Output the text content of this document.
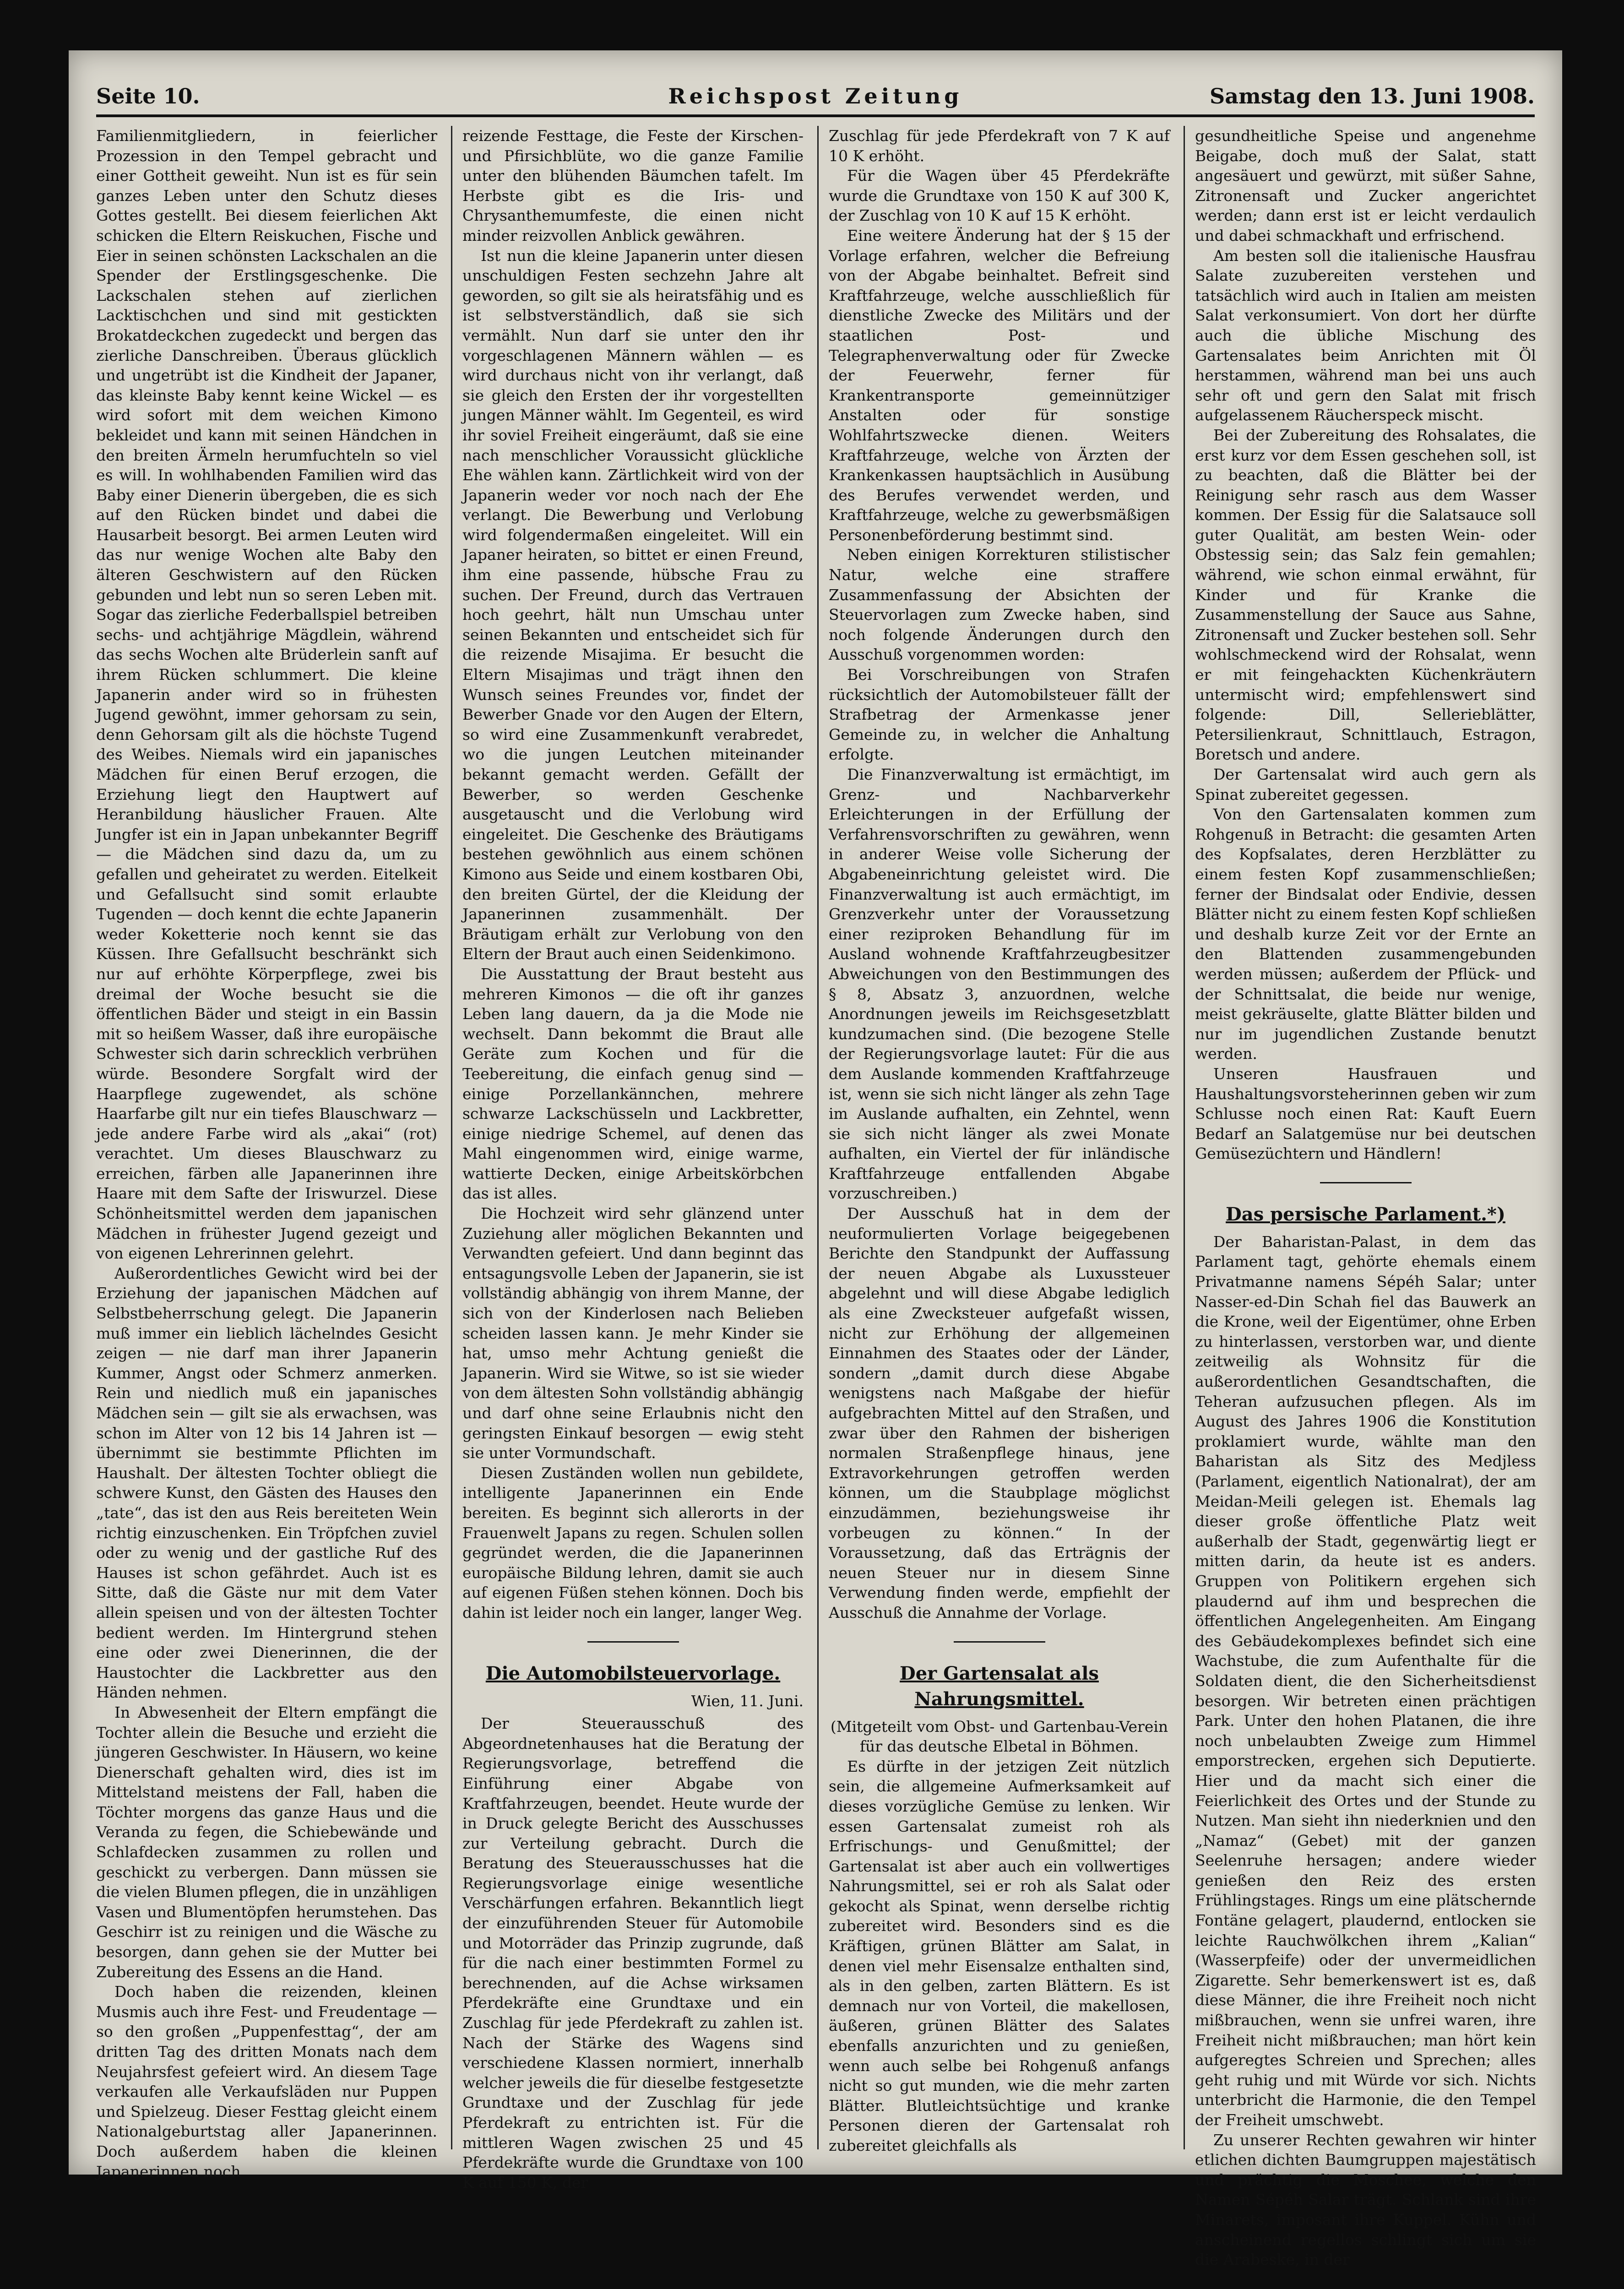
Seite 10.	Reichspost Zeitung	Samstag den 13. Juni 1908.

Familienmitgliedern, in feierlicher Prozession in den Tempel gebracht und einer Gottheit geweiht. Nun ist es für sein ganzes Leben unter den Schutz dieses Gottes gestellt. Bei diesem feierlichen Akt schicken die Eltern Reiskuchen, Fische und Eier in seinen schönsten Lackschalen an die Spender der Erstlingsgeschenke. Die Lackschalen stehen auf zierlichen Lacktischchen und sind mit gestickten Brokatdeckchen zugedeckt und bergen das zierliche Danschreiben. Überaus glücklich und ungetrübt ist die Kindheit der Japaner, das kleinste Baby kennt keine Wickel — es wird sofort mit dem weichen Kimono bekleidet und kann mit seinen Händchen in den breiten Ärmeln herumfuchteln so viel es will. In wohlhabenden Familien wird das Baby einer Dienerin übergeben, die es sich auf den Rücken bindet und dabei die Hausarbeit besorgt. Bei armen Leuten wird das nur wenige Wochen alte Baby den älteren Geschwistern auf den Rücken gebunden und lebt nun so seren Leben mit. Sogar das zierliche Federballspiel betreiben sechs- und achtjährige Mägdlein, während das sechs Wochen alte Brüderlein sanft auf ihrem Rücken schlummert. Die kleine Japanerin ander wird so in frühesten Jugend gewöhnt, immer gehorsam zu sein, denn Gehorsam gilt als die höchste Tugend des Weibes. Niemals wird ein japanisches Mädchen für einen Beruf erzogen, die Erziehung liegt den Hauptwert auf Heranbildung häuslicher Frauen. Alte Jungfer ist ein in Japan unbekannter Begriff — die Mädchen sind dazu da, um zu gefallen und geheiratet zu werden. Eitelkeit und Gefallsucht sind somit erlaubte Tugenden — doch kennt die echte Japanerin weder Koketterie noch kennt sie das Küssen. Ihre Gefallsucht beschränkt sich nur auf erhöhte Körperpflege, zwei bis dreimal der Woche besucht sie die öffentlichen Bäder und steigt in ein Bassin mit so heißem Wasser, daß ihre europäische Schwester sich darin schrecklich verbrühen würde. Besondere Sorgfalt wird der Haarpflege zugewendet, als schöne Haarfarbe gilt nur ein tiefes Blauschwarz — jede andere Farbe wird als „akai“ (rot) verachtet. Um dieses Blauschwarz zu erreichen, färben alle Japanerinnen ihre Haare mit dem Safte der Iriswurzel. Diese Schönheitsmittel werden dem japanischen Mädchen in frühester Jugend gezeigt und von eigenen Lehrerinnen gelehrt.

Außerordentliches Gewicht wird bei der Erziehung der japanischen Mädchen auf Selbstbeherrschung gelegt. Die Japanerin muß immer ein lieblich lächelndes Gesicht zeigen — nie darf man ihrer Japanerin Kummer, Angst oder Schmerz anmerken. Rein und niedlich muß ein japanisches Mädchen sein — gilt sie als erwachsen, was schon im Alter von 12 bis 14 Jahren ist — übernimmt sie bestimmte Pflichten im Haushalt. Der ältesten Tochter obliegt die schwere Kunst, den Gästen des Hauses den „tate“, das ist den aus Reis bereiteten Wein richtig einzuschenken. Ein Tröpfchen zuviel oder zu wenig und der gastliche Ruf des Hauses ist schon gefährdet. Auch ist es Sitte, daß die Gäste nur mit dem Vater allein speisen und von der ältesten Tochter bedient werden. Im Hintergrund stehen eine oder zwei Dienerinnen, die der Haustochter die Lackbretter aus den Händen nehmen.

In Abwesenheit der Eltern empfängt die Tochter allein die Besuche und erzieht die jüngeren Geschwister. In Häusern, wo keine Dienerschaft gehalten wird, dies ist im Mittelstand meistens der Fall, haben die Töchter morgens das ganze Haus und die Veranda zu fegen, die Schiebewände und Schlafdecken zusammen zu rollen und geschickt zu verbergen. Dann müssen sie die vielen Blumen pflegen, die in unzähligen Vasen und Blumentöpfen herumstehen. Das Geschirr ist zu reinigen und die Wäsche zu besorgen, dann gehen sie der Mutter bei Zubereitung des Essens an die Hand.

Doch haben die reizenden, kleinen Musmis auch ihre Fest- und Freudentage — so den großen „Puppenfesttag“, der am dritten Tag des dritten Monats nach dem Neujahrsfest gefeiert wird. An diesem Tage verkaufen alle Verkaufsläden nur Puppen und Spielzeug. Dieser Festtag gleicht einem Nationalgeburtstag aller Japanerinnen. Doch außerdem haben die kleinen Japanerinnen noch

reizende Festtage, die Feste der Kirschen- und Pfirsichblüte, wo die ganze Familie unter den blühenden Bäumchen tafelt. Im Herbste gibt es die Iris- und Chrysanthemumfeste, die einen nicht minder reizvollen Anblick gewähren.

Ist nun die kleine Japanerin unter diesen unschuldigen Festen sechzehn Jahre alt geworden, so gilt sie als heiratsfähig und es ist selbstverständlich, daß sie sich vermählt. Nun darf sie unter den ihr vorgeschlagenen Männern wählen — es wird durchaus nicht von ihr verlangt, daß sie gleich den Ersten der ihr vorgestellten jungen Männer wählt. Im Gegenteil, es wird ihr soviel Freiheit eingeräumt, daß sie eine nach menschlicher Voraussicht glückliche Ehe wählen kann. Zärtlichkeit wird von der Japanerin weder vor noch nach der Ehe verlangt. Die Bewerbung und Verlobung wird folgendermaßen eingeleitet. Will ein Japaner heiraten, so bittet er einen Freund, ihm eine passende, hübsche Frau zu suchen. Der Freund, durch das Vertrauen hoch geehrt, hält nun Umschau unter seinen Bekannten und entscheidet sich für die reizende Misajima. Er besucht die Eltern Misajimas und trägt ihnen den Wunsch seines Freundes vor, findet der Bewerber Gnade vor den Augen der Eltern, so wird eine Zusammenkunft verabredet, wo die jungen Leutchen miteinander bekannt gemacht werden. Gefällt der Bewerber, so werden Geschenke ausgetauscht und die Verlobung wird eingeleitet. Die Geschenke des Bräutigams bestehen gewöhnlich aus einem schönen Kimono aus Seide und einem kostbaren Obi, den breiten Gürtel, der die Kleidung der Japanerinnen zusammenhält. Der Bräutigam erhält zur Verlobung von den Eltern der Braut auch einen Seidenkimono.

Die Ausstattung der Braut besteht aus mehreren Kimonos — die oft ihr ganzes Leben lang dauern, da ja die Mode nie wechselt. Dann bekommt die Braut alle Geräte zum Kochen und für die Teebereitung, die einfach genug sind — einige Porzellankännchen, mehrere schwarze Lackschüsseln und Lackbretter, einige niedrige Schemel, auf denen das Mahl eingenommen wird, einige warme, wattierte Decken, einige Arbeitskörbchen das ist alles.

Die Hochzeit wird sehr glänzend unter Zuziehung aller möglichen Bekannten und Verwandten gefeiert. Und dann beginnt das entsagungsvolle Leben der Japanerin, sie ist vollständig abhängig von ihrem Manne, der sich von der Kinderlosen nach Belieben scheiden lassen kann. Je mehr Kinder sie hat, umso mehr Achtung genießt die Japanerin. Wird sie Witwe, so ist sie wieder von dem ältesten Sohn vollständig abhängig und darf ohne seine Erlaubnis nicht den geringsten Einkauf besorgen — ewig steht sie unter Vormundschaft.

Diesen Zuständen wollen nun gebildete, intelligente Japanerinnen ein Ende bereiten. Es beginnt sich allerorts in der Frauenwelt Japans zu regen. Schulen sollen gegründet werden, die die Japanerinnen europäische Bildung lehren, damit sie auch auf eigenen Füßen stehen können. Doch bis dahin ist leider noch ein langer, langer Weg.

Die Automobilsteuervorlage.
Wien, 11. Juni.

Der Steuerausschuß des Abgeordnetenhauses hat die Beratung der Regierungsvorlage, betreffend die Einführung einer Abgabe von Kraftfahrzeugen, beendet. Heute wurde der in Druck gelegte Bericht des Ausschusses zur Verteilung gebracht. Durch die Beratung des Steuerausschusses hat die Regierungsvorlage einige wesentliche Verschärfungen erfahren. Bekanntlich liegt der einzuführenden Steuer für Automobile und Motorräder das Prinzip zugrunde, daß für die nach einer bestimmten Formel zu berechnenden, auf die Achse wirksamen Pferdekräfte eine Grundtaxe und ein Zuschlag für jede Pferdekraft zu zahlen ist. Nach der Stärke des Wagens sind verschiedene Klassen normiert, innerhalb welcher jeweils die für dieselbe festgesetzte Grundtaxe und der Zuschlag für jede Pferdekraft zu entrichten ist. Für die mittleren Wagen zwischen 25 und 45 Pferdekräfte wurde die Grundtaxe von 100 K auf 150 K, der

Zuschlag für jede Pferdekraft von 7 K auf 10 K erhöht.

Für die Wagen über 45 Pferdekräfte wurde die Grundtaxe von 150 K auf 300 K, der Zuschlag von 10 K auf 15 K erhöht.

Eine weitere Änderung hat der § 15 der Vorlage erfahren, welcher die Befreiung von der Abgabe beinhaltet. Befreit sind Kraftfahrzeuge, welche ausschließlich für dienstliche Zwecke des Militärs und der staatlichen Post- und Telegraphenverwaltung oder für Zwecke der Feuerwehr, ferner für Krankentransporte gemeinnütziger Anstalten oder für sonstige Wohlfahrtszwecke dienen. Weiters Kraftfahrzeuge, welche von Ärzten der Krankenkassen hauptsächlich in Ausübung des Berufes verwendet werden, und Kraftfahrzeuge, welche zu gewerbsmäßigen Personenbeförderung bestimmt sind.

Neben einigen Korrekturen stilistischer Natur, welche eine straffere Zusammenfassung der Absichten der Steuervorlagen zum Zwecke haben, sind noch folgende Änderungen durch den Ausschuß vorgenommen worden:

Bei Vorschreibungen von Strafen rücksichtlich der Automobilsteuer fällt der Strafbetrag der Armenkasse jener Gemeinde zu, in welcher die Anhaltung erfolgte.

Die Finanzverwaltung ist ermächtigt, im Grenz- und Nachbarverkehr Erleichterungen in der Erfüllung der Verfahrensvorschriften zu gewähren, wenn in anderer Weise volle Sicherung der Abgabeneinrichtung geleistet wird. Die Finanzverwaltung ist auch ermächtigt, im Grenzverkehr unter der Voraussetzung einer reziproken Behandlung für im Ausland wohnende Kraftfahrzeugbesitzer Abweichungen von den Bestimmungen des § 8, Absatz 3, anzuordnen, welche Anordnungen jeweils im Reichsgesetzblatt kundzumachen sind. (Die bezogene Stelle der Regierungsvorlage lautet: Für die aus dem Auslande kommenden Kraftfahrzeuge ist, wenn sie sich nicht länger als zehn Tage im Auslande aufhalten, ein Zehntel, wenn sie sich nicht länger als zwei Monate aufhalten, ein Viertel der für inländische Kraftfahrzeuge entfallenden Abgabe vorzuschreiben.)

Der Ausschuß hat in dem der neuformulierten Vorlage beigegebenen Berichte den Standpunkt der Auffassung der neuen Abgabe als Luxussteuer abgelehnt und will diese Abgabe lediglich als eine Zwecksteuer aufgefaßt wissen, nicht zur Erhöhung der allgemeinen Einnahmen des Staates oder der Länder, sondern „damit durch diese Abgabe wenigstens nach Maßgabe der hiefür aufgebrachten Mittel auf den Straßen, und zwar über den Rahmen der bisherigen normalen Straßenpflege hinaus, jene Extravorkehrungen getroffen werden können, um die Staubplage möglichst einzudämmen, beziehungsweise ihr vorbeugen zu können.“ In der Voraussetzung, daß das Erträgnis der neuen Steuer nur in diesem Sinne Verwendung finden werde, empfiehlt der Ausschuß die Annahme der Vorlage.

Der Gartensalat als Nahrungsmittel.

(Mitgeteilt vom Obst- und Gartenbau-Verein für das deutsche Elbetal in Böhmen.

Es dürfte in der jetzigen Zeit nützlich sein, die allgemeine Aufmerksamkeit auf dieses vorzügliche Gemüse zu lenken. Wir essen Gartensalat zumeist roh als Erfrischungs- und Genußmittel; der Gartensalat ist aber auch ein vollwertiges Nahrungsmittel, sei er roh als Salat oder gekocht als Spinat, wenn derselbe richtig zubereitet wird. Besonders sind es die Kräftigen, grünen Blätter am Salat, in denen viel mehr Eisensalze enthalten sind, als in den gelben, zarten Blättern. Es ist demnach nur von Vorteil, die makellosen, äußeren, grünen Blätter des Salates ebenfalls anzurichten und zu genießen, wenn auch selbe bei Rohgenuß anfangs nicht so gut munden, wie die mehr zarten Blätter. Blutleichtsüchtige und kranke Personen dieren der Gartensalat roh zubereitet gleichfalls als

gesundheitliche Speise und angenehme Beigabe, doch muß der Salat, statt angesäuert und gewürzt, mit süßer Sahne, Zitronensaft und Zucker angerichtet werden; dann erst ist er leicht verdaulich und dabei schmackhaft und erfrischend.

Am besten soll die italienische Hausfrau Salate zuzubereiten verstehen und tatsächlich wird auch in Italien am meisten Salat verkonsumiert. Von dort her dürfte auch die übliche Mischung des Gartensalates beim Anrichten mit Öl herstammen, während man bei uns auch sehr oft und gern den Salat mit frisch aufgelassenem Räucherspeck mischt.

Bei der Zubereitung des Rohsalates, die erst kurz vor dem Essen geschehen soll, ist zu beachten, daß die Blätter bei der Reinigung sehr rasch aus dem Wasser kommen. Der Essig für die Salatsauce soll guter Qualität, am besten Wein- oder Obstessig sein; das Salz fein gemahlen; während, wie schon einmal erwähnt, für Kinder und für Kranke die Zusammenstellung der Sauce aus Sahne, Zitronensaft und Zucker bestehen soll. Sehr wohlschmeckend wird der Rohsalat, wenn er mit feingehackten Küchenkräutern untermischt wird; empfehlenswert sind folgende: Dill, Sellerieblätter, Petersilienkraut, Schnittlauch, Estragon, Boretsch und andere.

Der Gartensalat wird auch gern als Spinat zubereitet gegessen.

Von den Gartensalaten kommen zum Rohgenuß in Betracht: die gesamten Arten des Kopfsalates, deren Herzblätter zu einem festen Kopf zusammenschließen; ferner der Bindsalat oder Endivie, dessen Blätter nicht zu einem festen Kopf schließen und deshalb kurze Zeit vor der Ernte an den Blattenden zusammengebunden werden müssen; außerdem der Pflück- und der Schnittsalat, die beide nur wenige, meist gekräuselte, glatte Blätter bilden und nur im jugendlichen Zustande benutzt werden.

Unseren Hausfrauen und Haushaltungsvorsteherinnen geben wir zum Schlusse noch einen Rat: Kauft Euern Bedarf an Salatgemüse nur bei deutschen Gemüsezüchtern und Händlern!

Das persische Parlament.*)

Der Baharistan-Palast, in dem das Parlament tagt, gehörte ehemals einem Privatmanne namens Sépéh Salar; unter Nasser-ed-Din Schah fiel das Bauwerk an die Krone, weil der Eigentümer, ohne Erben zu hinterlassen, verstorben war, und diente zeitweilig als Wohnsitz für die außerordentlichen Gesandtschaften, die Teheran aufzusuchen pflegen. Als im August des Jahres 1906 die Konstitution proklamiert wurde, wählte man den Baharistan als Sitz des Medjless (Parlament, eigentlich Nationalrat), der am Meidan-Meili gelegen ist. Ehemals lag dieser große öffentliche Platz weit außerhalb der Stadt, gegenwärtig liegt er mitten darin, da heute ist es anders. Gruppen von Politikern ergehen sich plaudernd auf ihm und besprechen die öffentlichen Angelegenheiten. Am Eingang des Gebäudekomplexes befindet sich eine Wachstube, die zum Aufenthalte für die Soldaten dient, die den Sicherheitsdienst besorgen. Wir betreten einen prächtigen Park. Unter den hohen Platanen, die ihre noch unbelaubten Zweige zum Himmel emporstrecken, ergehen sich Deputierte. Hier und da macht sich einer die Feierlichkeit des Ortes und der Stunde zu Nutzen. Man sieht ihn niederknien und den „Namaz“ (Gebet) mit der ganzen Seelenruhe hersagen; andere wieder genießen den Reiz des ersten Frühlingstages. Rings um eine plätschernde Fontäne gelagert, plaudernd, entlocken sie leichte Rauchwölkchen ihrem „Kalian“ (Wasserpfeife) oder der unvermeidlichen Zigarette. Sehr bemerkenswert ist es, daß diese Männer, die ihre Freiheit noch nicht mißbrauchen, wenn sie unfrei waren, ihre Freiheit nicht mißbrauchen; man hört kein aufgeregtes Schreien und Sprechen; alles geht ruhig und mit Würde vor sich. Nichts unterbricht die Harmonie, die den Tempel der Freiheit umschwebt.

Zu unserer Rechten gewahren wir hinter etlichen dichten Baumgruppen majestätisch und prächtig die Moschee, welche den Namen Sépéh Salar trägt. Schlank sind ihre Minarets, imposant ihre Kuppel. Kühn und anscheinend regellos schlingt sich um sie die Arabeske, in der
